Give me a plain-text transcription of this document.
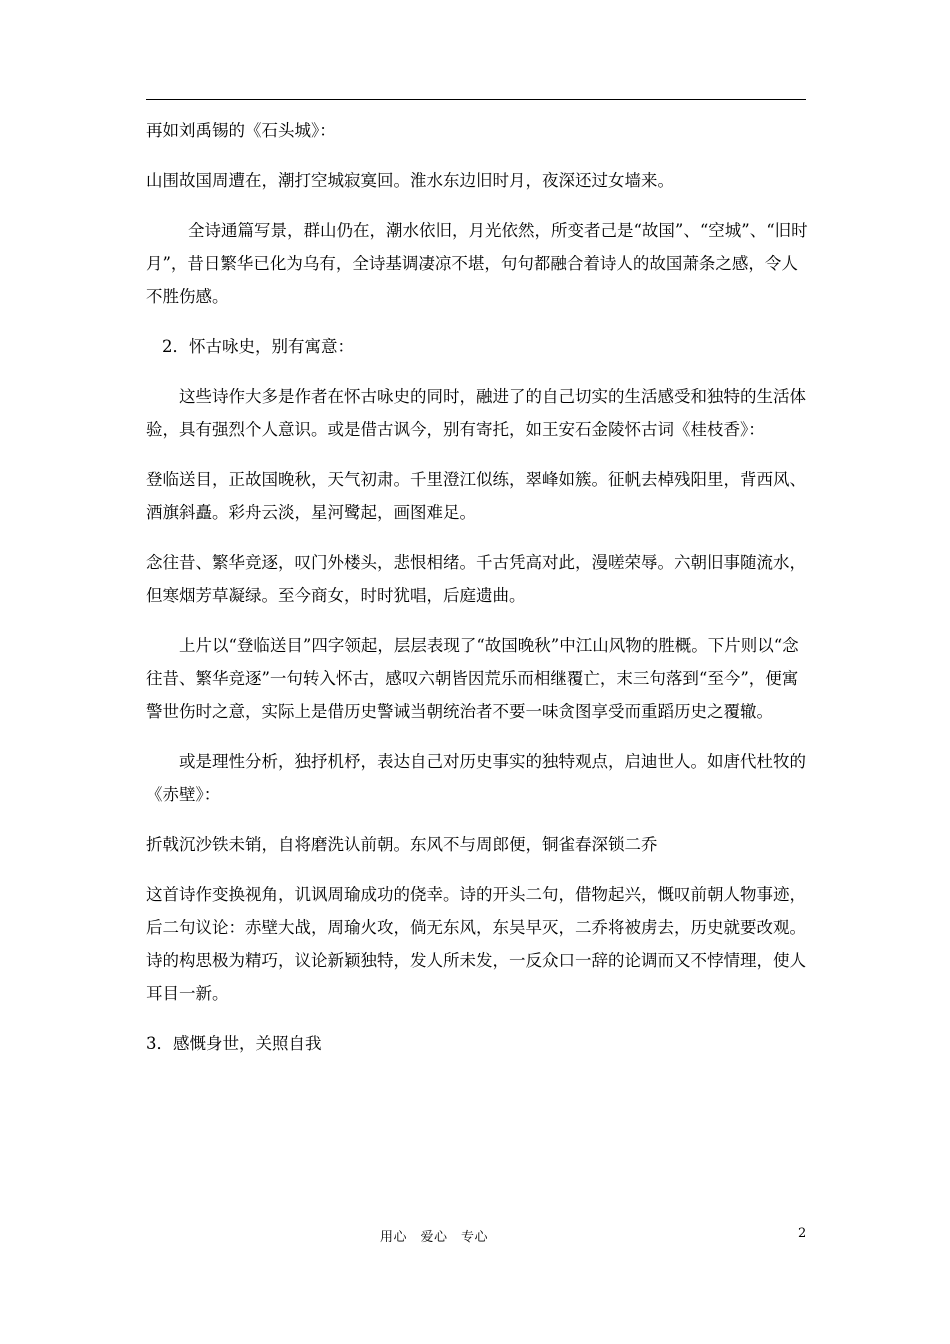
再如刘禹锡的《石头城》：

山围故国周遭在，潮打空城寂寞回。淮水东边旧时月，夜深还过女墙来。

全诗通篇写景，群山仍在，潮水依旧，月光依然，所变者己是“故国”、“空城”、“旧时月”，昔日繁华已化为乌有，全诗基调凄凉不堪，句句都融合着诗人的故国萧条之感，令人不胜伤感。

2．怀古咏史，别有寓意：

这些诗作大多是作者在怀古咏史的同时，融进了的自己切实的生活感受和独特的生活体验，具有强烈个人意识。或是借古讽今，别有寄托，如王安石金陵怀古词《桂枝香》：

登临送目，正故国晚秋，天气初肃。千里澄江似练，翠峰如簇。征帆去棹残阳里，背西风、酒旗斜矗。彩舟云淡，星河鹭起，画图难足。

念往昔、繁华竞逐，叹门外楼头，悲恨相绪。千古凭高对此，漫嗟荣辱。六朝旧事随流水，但寒烟芳草凝绿。至今商女，时时犹唱，后庭遗曲。

上片以“登临送目”四字领起，层层表现了“故国晚秋”中江山风物的胜概。下片则以“念往昔、繁华竞逐”一句转入怀古，感叹六朝皆因荒乐而相继覆亡，末三句落到“至今”，便寓警世伤时之意，实际上是借历史警诫当朝统治者不要一味贪图享受而重蹈历史之覆辙。

或是理性分析，独抒机杼，表达自己对历史事实的独特观点，启迪世人。如唐代杜牧的《赤壁》：

折戟沉沙铁未销，自将磨洗认前朝。东风不与周郎便，铜雀春深锁二乔

这首诗作变换视角，讥讽周瑜成功的侥幸。诗的开头二句，借物起兴，慨叹前朝人物事迹，后二句议论：赤壁大战，周瑜火攻，倘无东风，东吴早灭，二乔将被虏去，历史就要改观。诗的构思极为精巧，议论新颖独特，发人所未发，一反众口一辞的论调而又不悖情理，使人耳目一新。

3．感慨身世，关照自我

用心　爱心　专心	2
